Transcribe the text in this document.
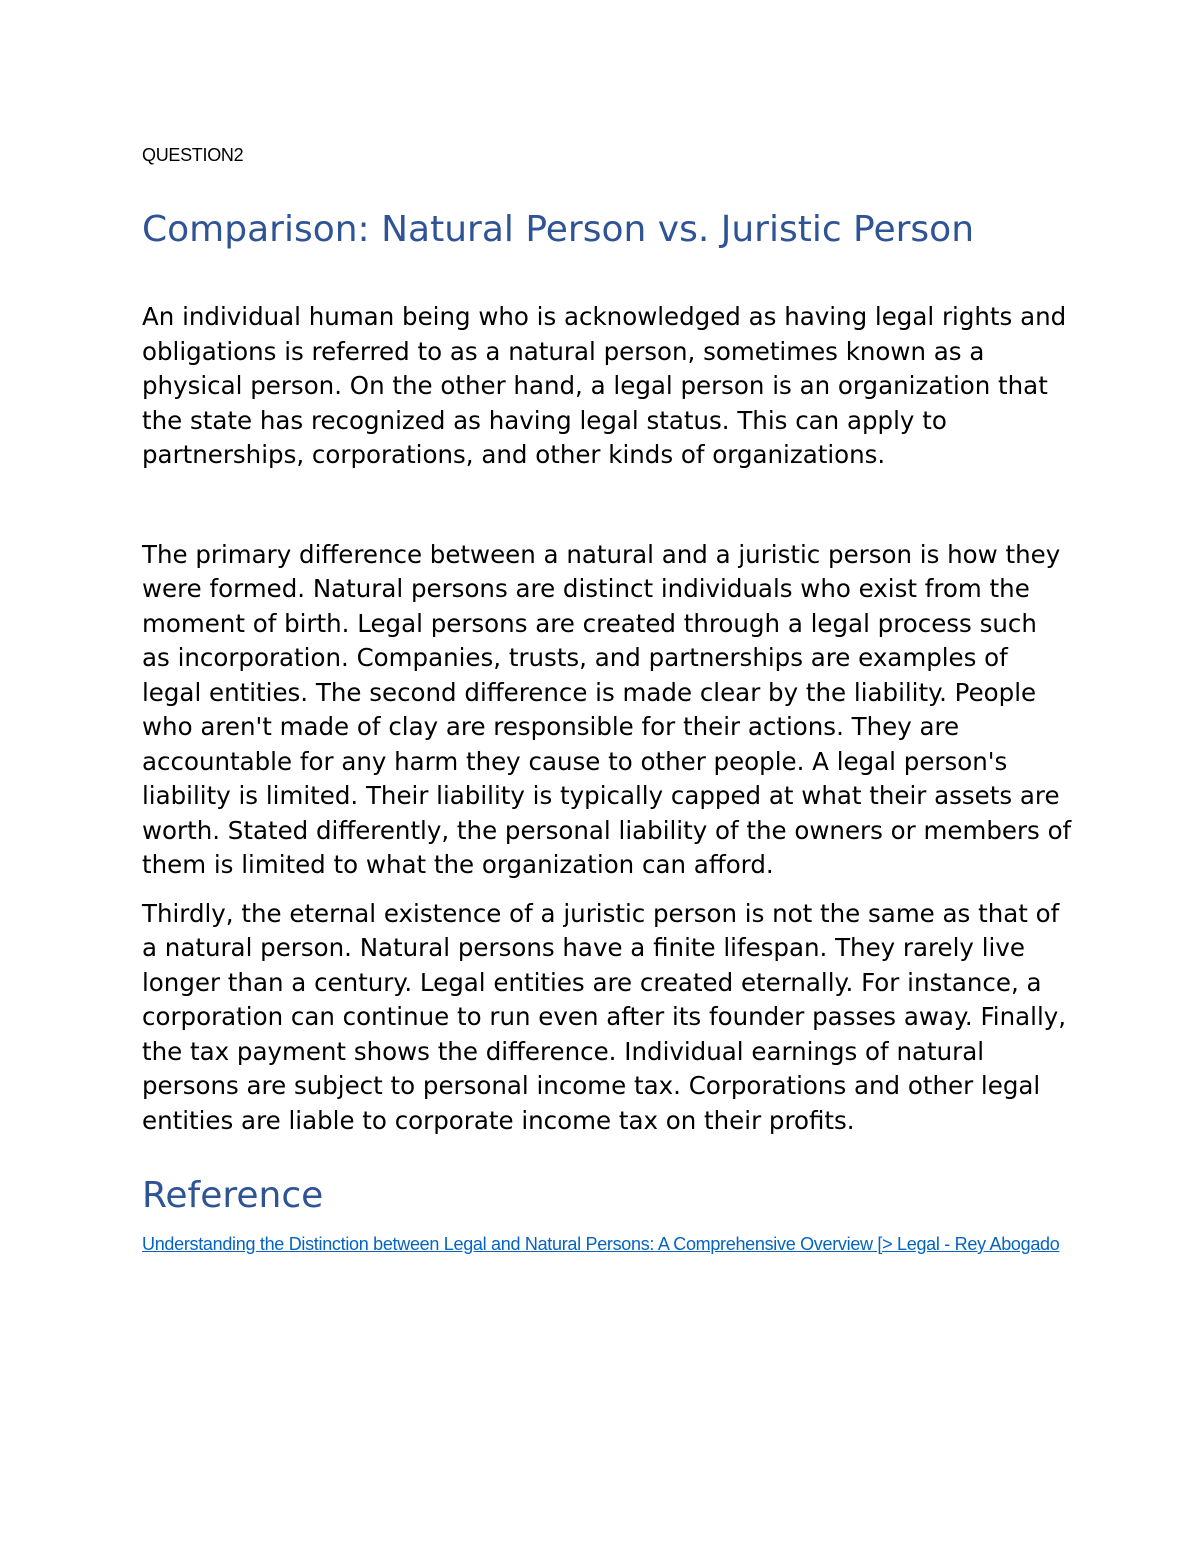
QUESTION2

Comparison: Natural Person vs. Juristic Person

An individual human being who is acknowledged as having legal rights and obligations is referred to as a natural person, sometimes known as a physical person. On the other hand, a legal person is an organization that the state has recognized as having legal status. This can apply to partnerships, corporations, and other kinds of organizations.

The primary difference between a natural and a juristic person is how they were formed. Natural persons are distinct individuals who exist from the moment of birth. Legal persons are created through a legal process such as incorporation. Companies, trusts, and partnerships are examples of legal entities. The second difference is made clear by the liability. People who aren't made of clay are responsible for their actions. They are accountable for any harm they cause to other people. A legal person's liability is limited. Their liability is typically capped at what their assets are worth. Stated differently, the personal liability of the owners or members of them is limited to what the organization can afford.

Thirdly, the eternal existence of a juristic person is not the same as that of a natural person. Natural persons have a finite lifespan. They rarely live longer than a century. Legal entities are created eternally. For instance, a corporation can continue to run even after its founder passes away. Finally, the tax payment shows the difference. Individual earnings of natural persons are subject to personal income tax. Corporations and other legal entities are liable to corporate income tax on their profits.

Reference
Understanding the Distinction between Legal and Natural Persons: A Comprehensive Overview [> Legal - Rey Abogado
